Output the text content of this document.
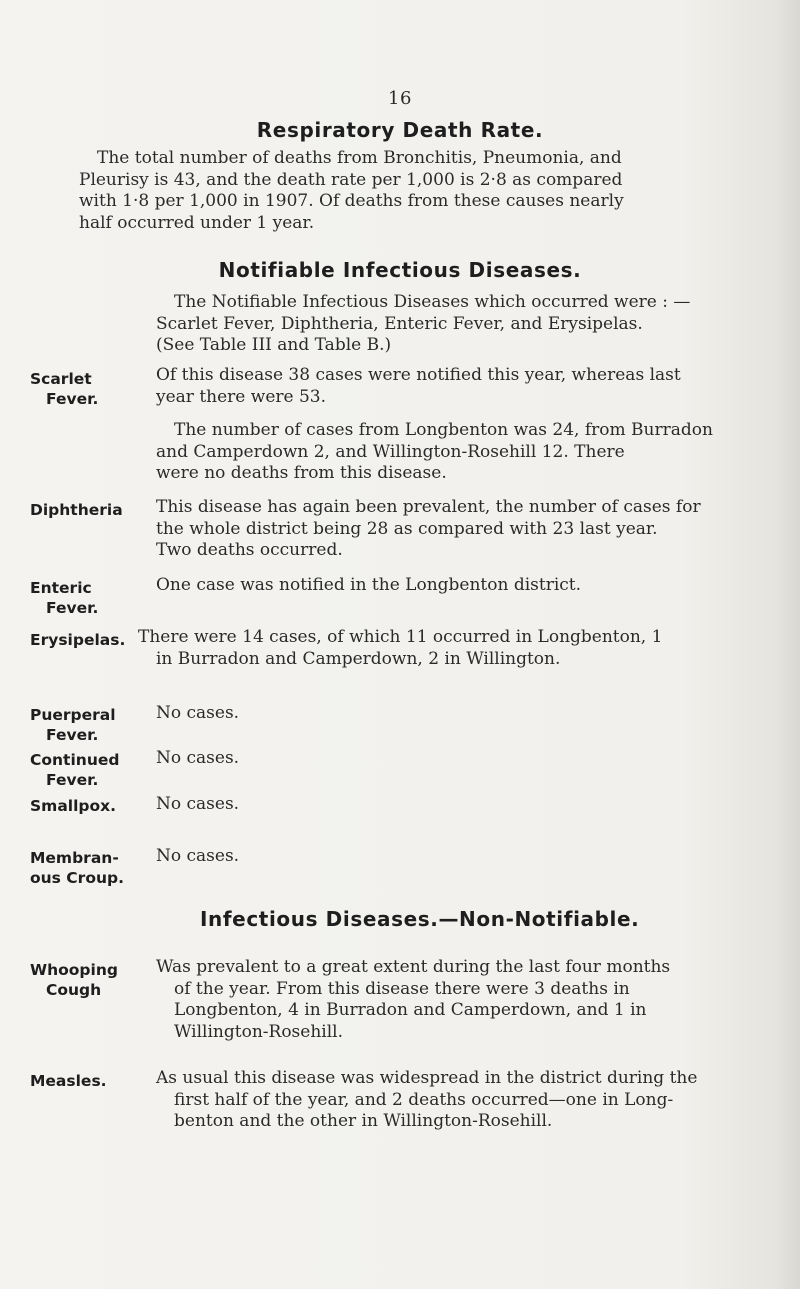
16
Respiratory Death Rate.

The total number of deaths from Bronchitis, Pneumonia, and
Pleurisy is 43, and the death rate per 1,000 is 2·8 as compared
with 1·8 per 1,000 in 1907. Of deaths from these causes nearly
half occurred under 1 year.

Notifiable Infectious Diseases.

The Notifiable Infectious Diseases which occurred were : —
Scarlet Fever, Diphtheria, Enteric Fever, and Erysipelas.
(See Table III and Table B.)

Scarlet
Fever.

Of this disease 38 cases were notified this year, whereas last
year there were 53.

The number of cases from Longbenton was 24, from Burradon
and Camperdown 2, and Willington-Rosehill 12. There
were no deaths from this disease.

Diphtheria This disease has again been prevalent, the number of cases for
the whole district being 28 as compared with 23 last year.
Two deaths occurred.

Enteric
Fever.

One case was notified in the Longbenton district.

Erysipelas. There were 14 cases, of which 11 occurred in Longbenton, 1
in Burradon and Camperdown, 2 in Willington.

Puerperal
Fever.

No cases.

Continued
Fever.

No cases.

Smallpox. No cases.

Membran-
ous Croup.

No cases.

Infectious Diseases.—Non-Notifiable.
Whooping
Cough

Was prevalent to a great extent during the last four months
of the year. From this disease there were 3 deaths in
Longbenton, 4 in Burradon and Camperdown, and 1 in
Willington-Rosehill.

Measles.	As usual this disease was widespread in the district during the
first half of the year, and 2 deaths occurred—one in Long-
benton and the other in Willington-Rosehill.
